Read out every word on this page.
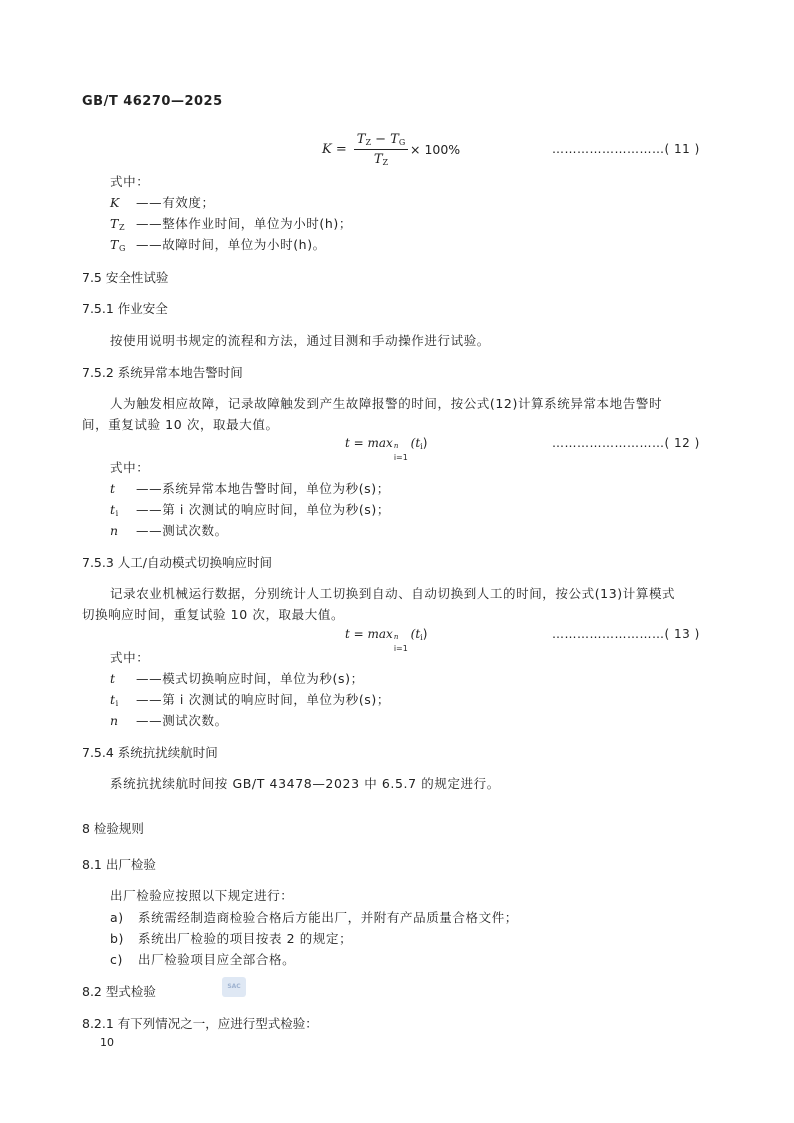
GB/T 46270—2025
K =
$T_Z - T_G$
$T_Z$
× 100%	………………………( 11 )
式中：
K ——有效度；
$T_Z$ ——整体作业时间，单位为小时(h)；
$T_G$ ——故障时间，单位为小时(h)。
7.5 安全性试验
7.5.1 作业安全
按使用说明书规定的流程和方法，通过目测和手动操作进行试验。
7.5.2 系统异常本地告警时间
人为触发相应故障，记录故障触发到产生故障报警的时间，按公式(12)计算系统异常本地告警时
间，重复试验 10 次，取最大值。
t = max n
i=1
$(t_i)$	………………………( 12 )
式中：
t ——系统异常本地告警时间，单位为秒(s)；
$t_i$ ——第 i 次测试的响应时间，单位为秒(s)；
n ——测试次数。
7.5.3 人工/自动模式切换响应时间
记录农业机械运行数据，分别统计人工切换到自动、自动切换到人工的时间，按公式(13)计算模式
切换响应时间，重复试验 10 次，取最大值。
t = max n
i=1
$(t_i)$	………………………( 13 )
式中：
t ——模式切换响应时间，单位为秒(s)；
$t_i$ ——第 i 次测试的响应时间，单位为秒(s)；
n ——测试次数。
7.5.4 系统抗扰续航时间
系统抗扰续航时间按 GB/T 43478—2023 中 6.5.7 的规定进行。
8 检验规则
8.1 出厂检验
出厂检验应按照以下规定进行：
a) 系统需经制造商检验合格后方能出厂，并附有产品质量合格文件；
b) 系统出厂检验的项目按表 2 的规定；
c) 出厂检验项目应全部合格。
8.2 型式检验	SAC
8.2.1 有下列情况之一，应进行型式检验：
10
